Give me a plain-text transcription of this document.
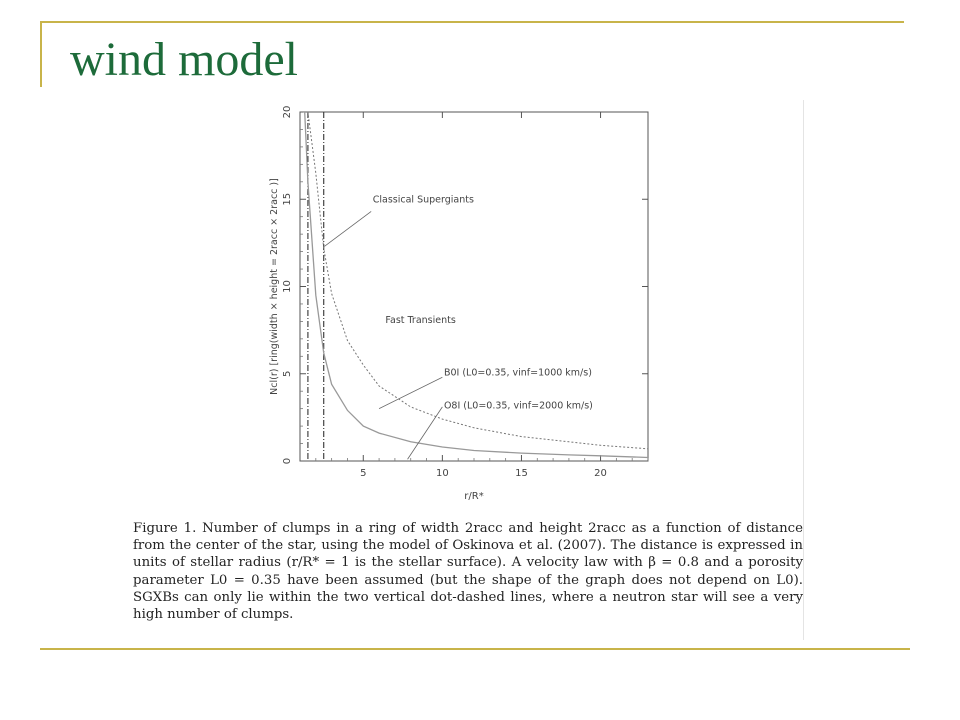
wind model
5	10	15	20
0
5
10
15
20
r/R*
Ncl(r) [ring(width × height = 2racc × 2racc )]	Classical Supergiants
Fast Transients
B0I (L0=0.35, vinf=1000 km/s)
O8I (L0=0.35, vinf=2000 km/s)

Figure 1. Number of clumps in a ring of width 2racc and height 2racc as a function of distance from the center of the star, using the model of Oskinova et al. (2007). The distance is expressed in units of stellar radius (r/R* = 1 is the stellar surface). A velocity law with β = 0.8 and a porosity parameter L0 = 0.35 have been assumed (but the shape of the graph does not depend on L0). SGXBs can only lie within the two vertical dot-dashed lines, where a neutron star will see a very high number of clumps.
